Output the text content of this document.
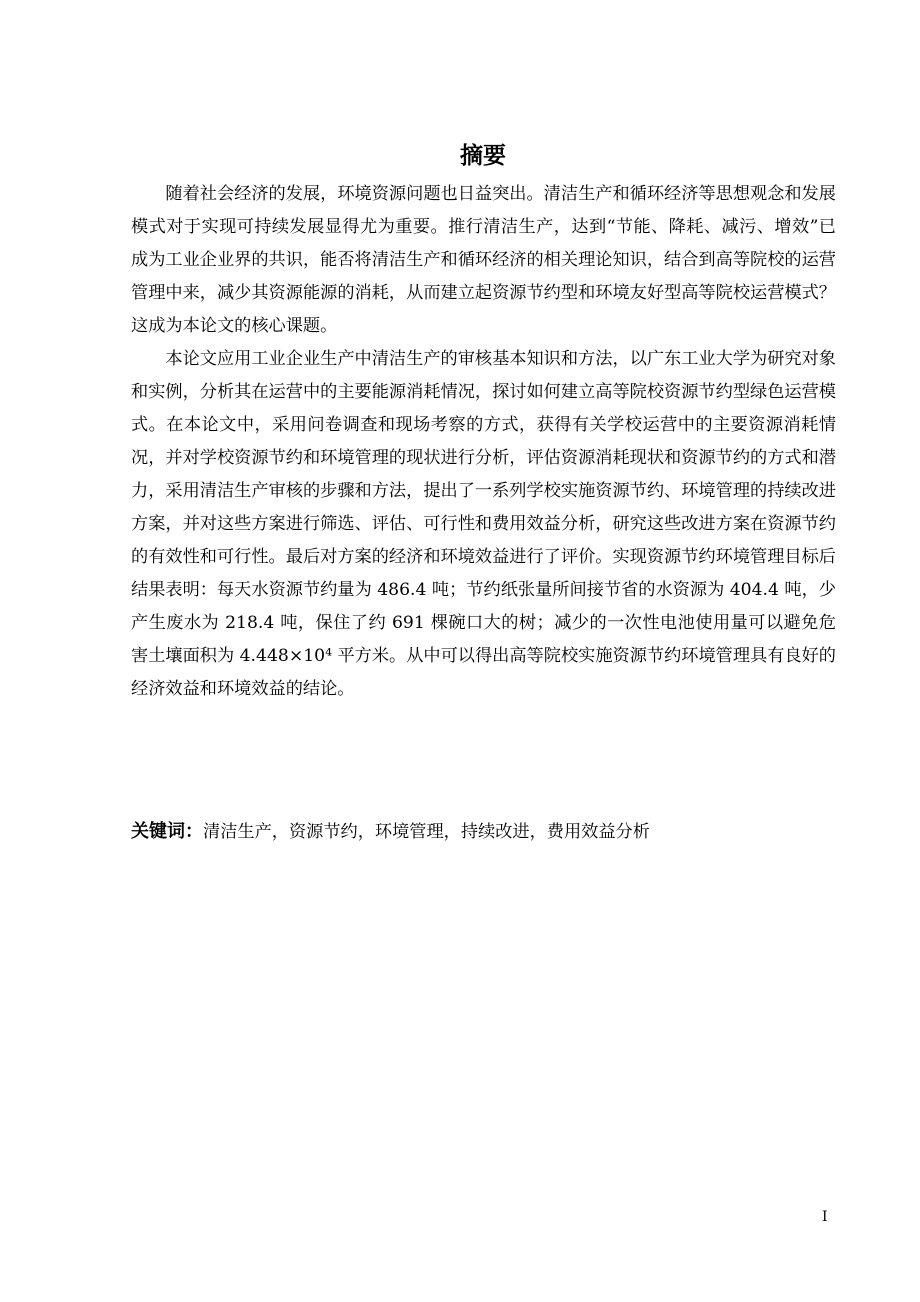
摘要

随着社会经济的发展，环境资源问题也日益突出。清洁生产和循环经济等思想观念和发展模式对于实现可持续发展显得尤为重要。推行清洁生产，达到“节能、降耗、减污、增效”已成为工业企业界的共识，能否将清洁生产和循环经济的相关理论知识，结合到高等院校的运营管理中来，减少其资源能源的消耗，从而建立起资源节约型和环境友好型高等院校运营模式？这成为本论文的核心课题。

本论文应用工业企业生产中清洁生产的审核基本知识和方法，以广东工业大学为研究对象和实例，分析其在运营中的主要能源消耗情况，探讨如何建立高等院校资源节约型绿色运营模式。在本论文中，采用问卷调查和现场考察的方式，获得有关学校运营中的主要资源消耗情况，并对学校资源节约和环境管理的现状进行分析，评估资源消耗现状和资源节约的方式和潜力，采用清洁生产审核的步骤和方法，提出了一系列学校实施资源节约、环境管理的持续改进方案，并对这些方案进行筛选、评估、可行性和费用效益分析，研究这些改进方案在资源节约的有效性和可行性。最后对方案的经济和环境效益进行了评价。实现资源节约环境管理目标后结果表明：每天水资源节约量为 486.4 吨；节约纸张量所间接节省的水资源为 404.4 吨，少产生废水为 218.4 吨，保住了约 691 棵碗口大的树；减少的一次性电池使用量可以避免危害土壤面积为 4.448×10⁴ 平方米。从中可以得出高等院校实施资源节约环境管理具有良好的经济效益和环境效益的结论。

关键词：清洁生产，资源节约，环境管理，持续改进，费用效益分析
I
